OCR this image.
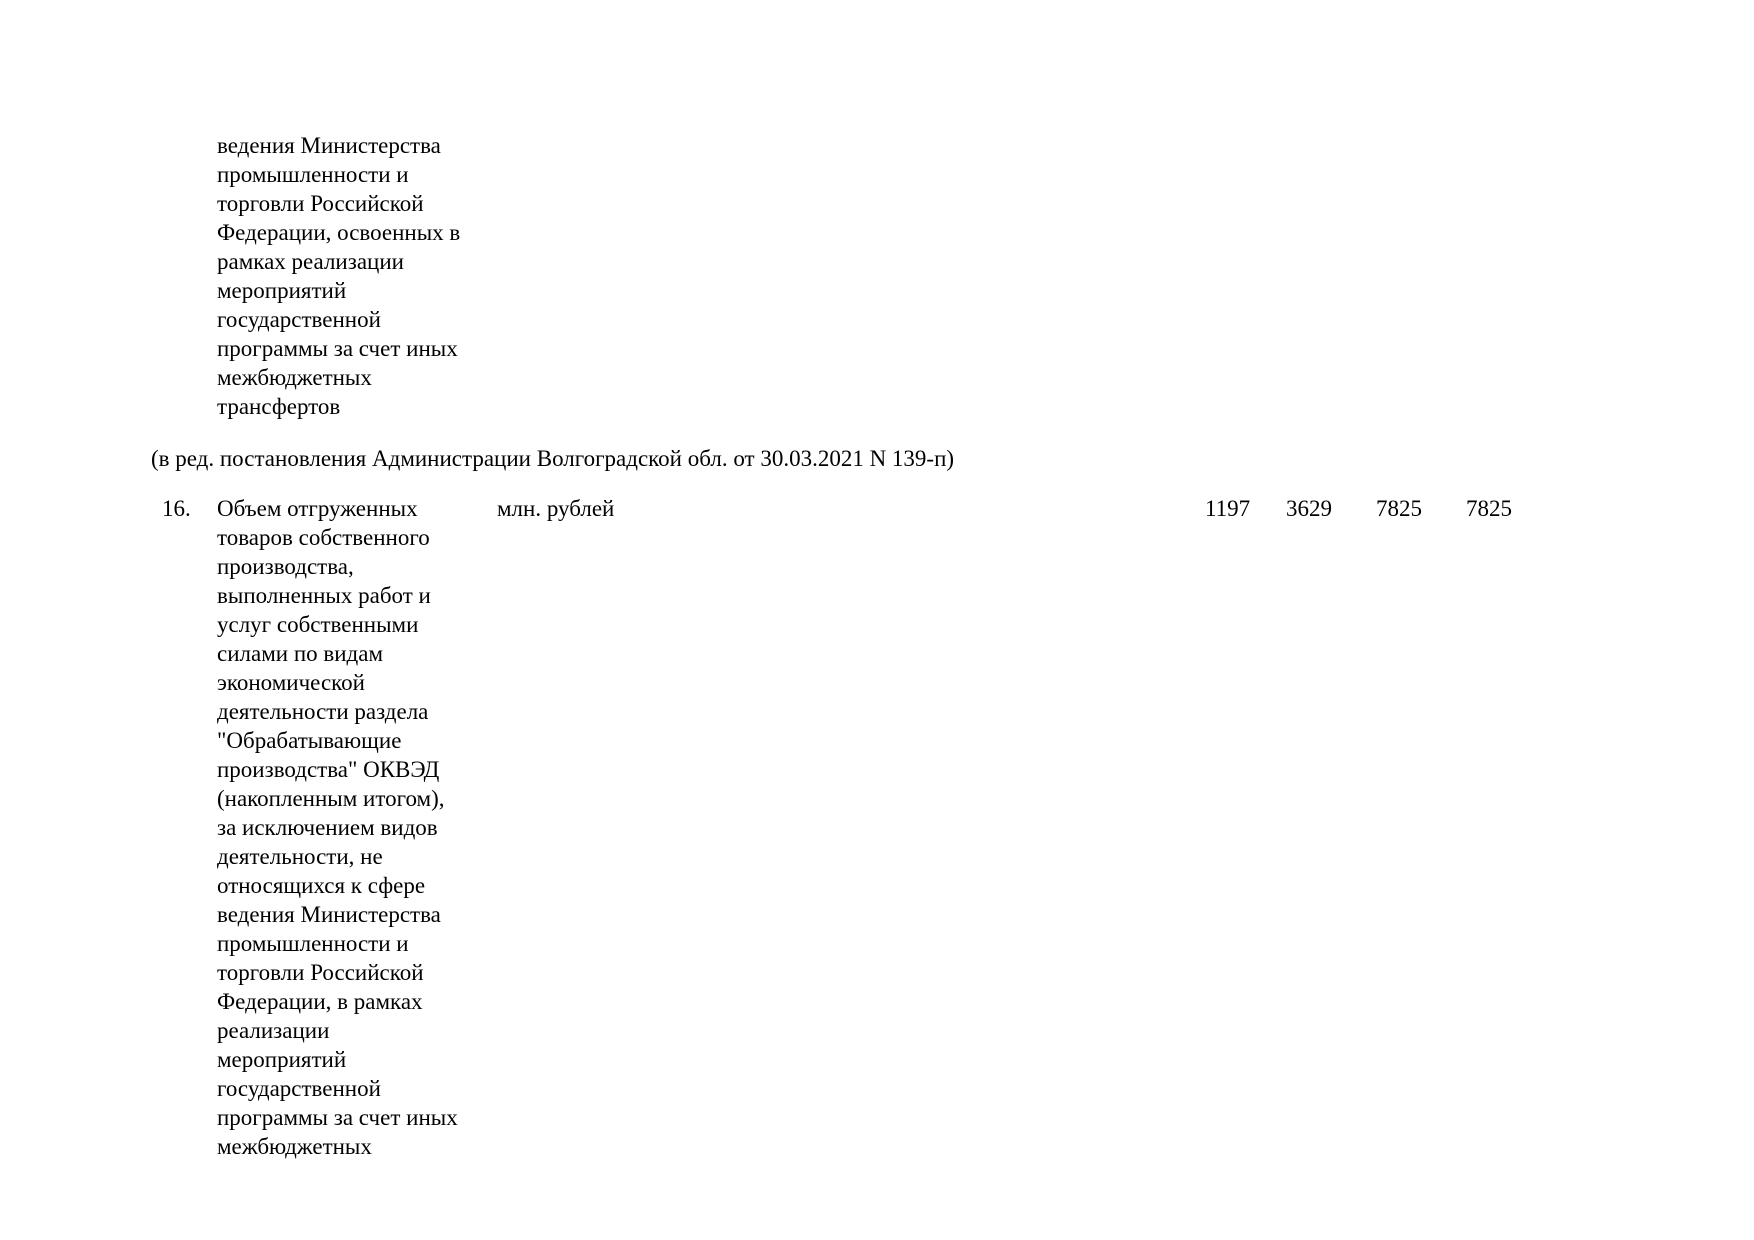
ведения Министерства
промышленности и
торговли Российской
Федерации, освоенных в
рамках реализации
мероприятий
государственной
программы за счет иных
межбюджетных
трансфертов
(в ред. постановления Администрации Волгоградской обл. от 30.03.2021 N 139-п)
16. Объем отгруженных
товаров собственного
производства,
выполненных работ и
услуг собственными
силами по видам
экономической
деятельности раздела
"Обрабатывающие
производства" ОКВЭД
(накопленным итогом),
за исключением видов
деятельности, не
относящихся к сфере
ведения Министерства
промышленности и
торговли Российской
Федерации, в рамках
реализации
мероприятий
государственной
программы за счет иных
межбюджетных
млн. рублей	1197 3629 7825 7825
